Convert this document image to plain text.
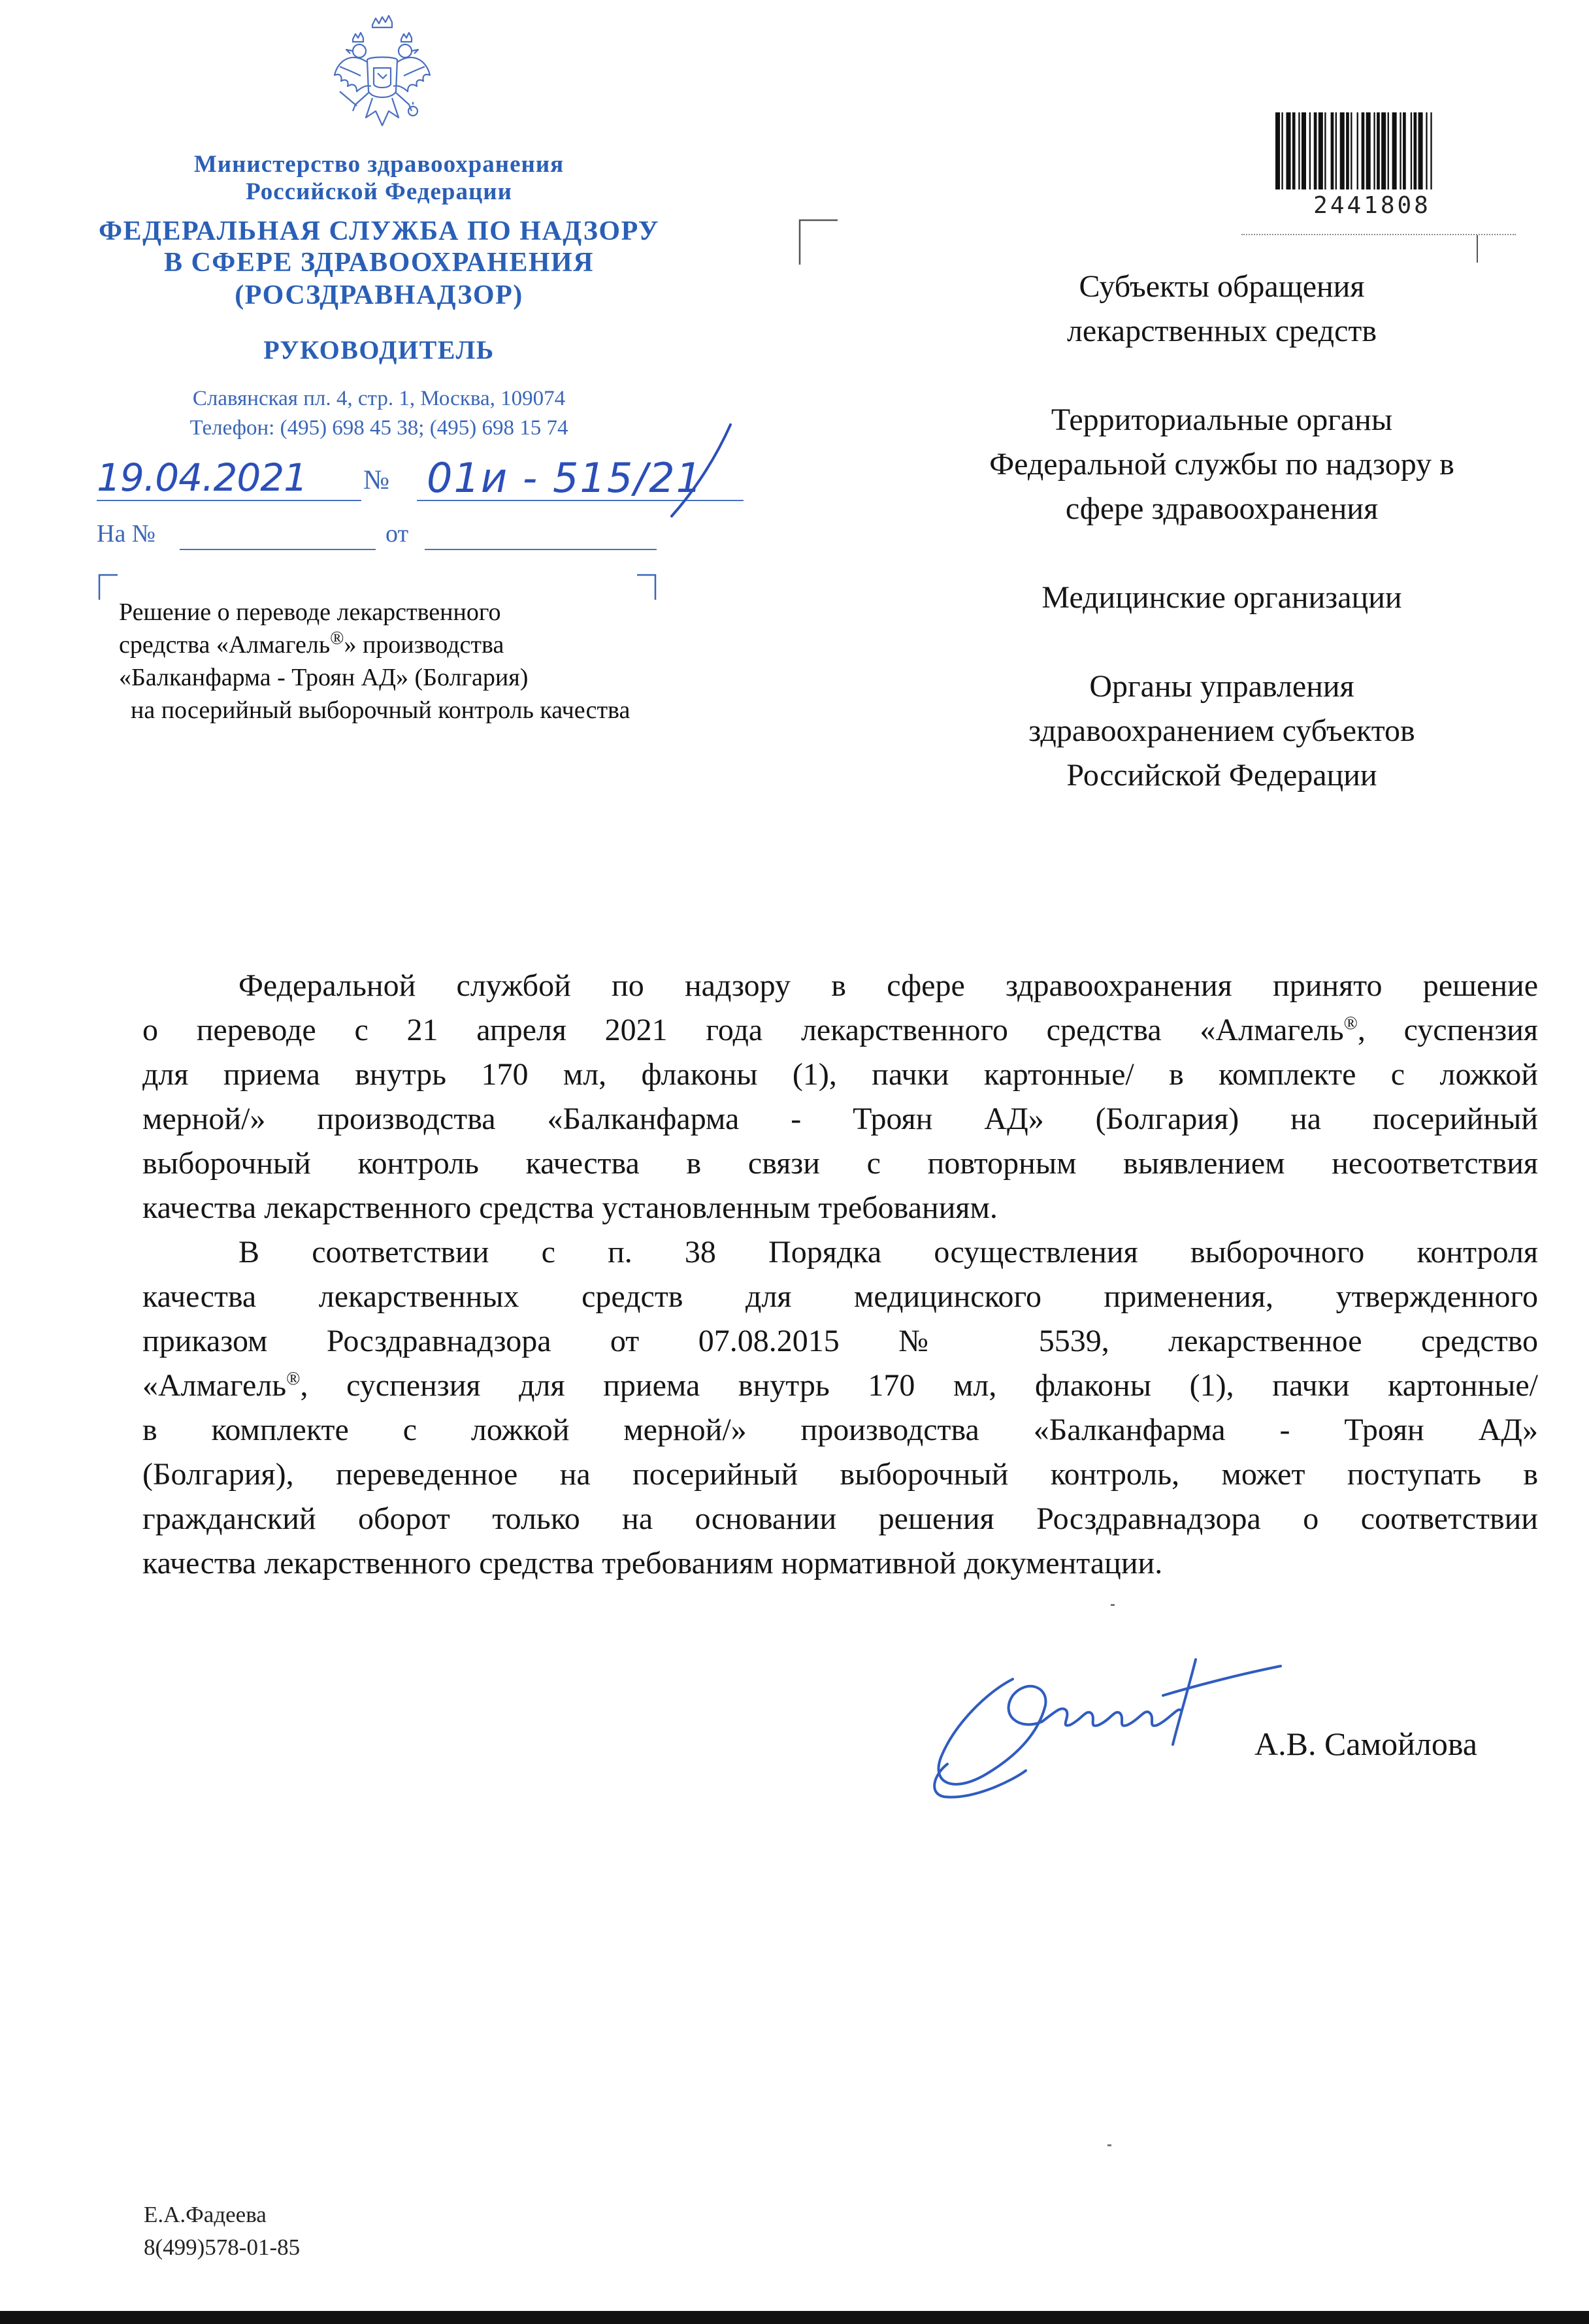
Министерство здравоохранения
Российской Федерации
ФЕДЕРАЛЬНАЯ СЛУЖБА ПО НАДЗОРУ
В СФЕРЕ ЗДРАВООХРАНЕНИЯ
(РОСЗДРАВНАДЗОР)
РУКОВОДИТЕЛЬ
Славянская пл. 4, стр. 1, Москва, 109074
Телефон: (495) 698 45 38; (495) 698 15 74
19.04.2021 № 01и - 515/21
На №	от
Решение о переводе лекарственного
средства «Алмагель®» производства
«Балканфарма - Троян АД» (Болгария)
на посерийный выборочный контроль качества
2441808
Субъекты обращения
лекарственных средств
Территориальные органы
Федеральной службы по надзору в
сфере здравоохранения
Медицинские организации
Органы управления
здравоохранением субъектов
Российской Федерации
Федеральной службой по надзору в сфере здравоохранения принято решение
о переводе с 21 апреля 2021 года лекарственного средства «Алмагель®, суспензия
для приема внутрь 170 мл, флаконы (1), пачки картонные/ в комплекте с ложкой
мерной/» производства «Балканфарма - Троян АД» (Болгария) на посерийный
выборочный контроль качества в связи с повторным выявлением несоответствия
качества лекарственного средства установленным требованиям.
В соответствии с п. 38 Порядка осуществления выборочного контроля
качества лекарственных средств для медицинского применения, утвержденного
приказом Росздравнадзора от 07.08.2015 № 5539, лекарственное средство
«Алмагель®, суспензия для приема внутрь 170 мл, флаконы (1), пачки картонные/
в комплекте с ложкой мерной/» производства «Балканфарма - Троян АД»
(Болгария), переведенное на посерийный выборочный контроль, может поступать в
гражданский оборот только на основании решения Росздравнадзора о соответствии
качества лекарственного средства требованиям нормативной документации.
А.В. Самойлова
Е.А.Фадеева
8(499)578-01-85
